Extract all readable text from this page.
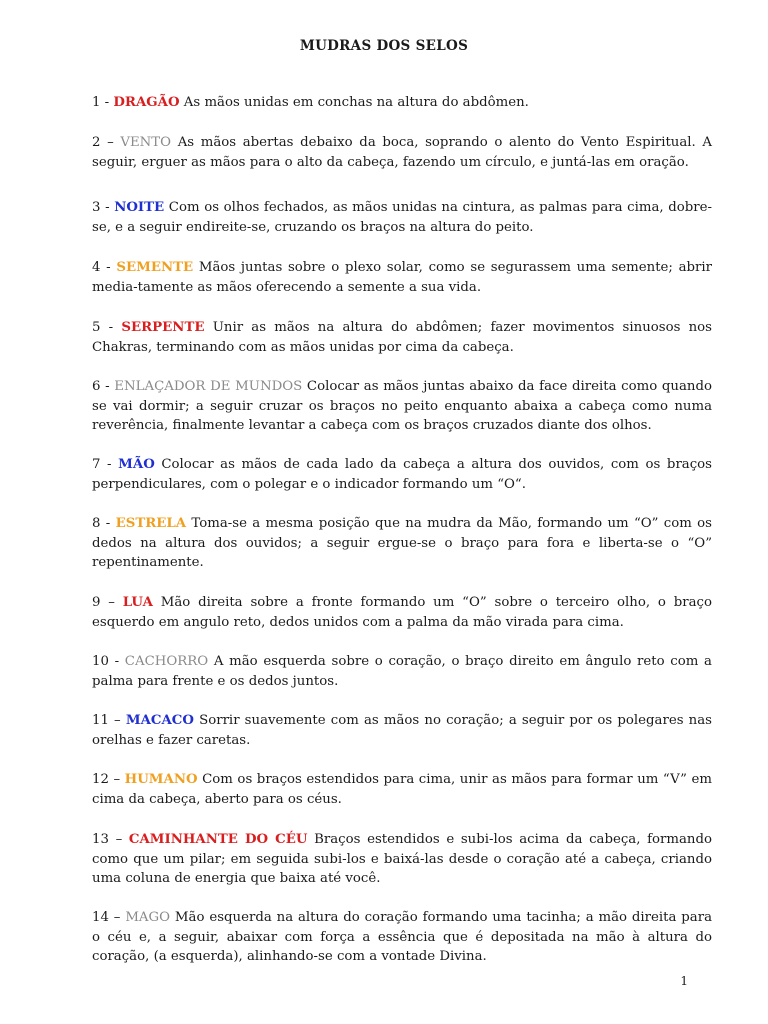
MUDRAS DOS SELOS

1 - DRAGÃO As mãos unidas em conchas na altura do abdômen.

2 – VENTO As mãos abertas debaixo da boca, soprando o alento do Vento Espiritual. A seguir, erguer as mãos para o alto da cabeça, fazendo um círculo, e juntá-las em oração.

3 - NOITE Com os olhos fechados, as mãos unidas na cintura, as palmas para cima, dobre-se, e a seguir endireite-se, cruzando os braços na altura do peito.

4 - SEMENTE Mãos juntas sobre o plexo solar, como se segurassem uma semente; abrir media-tamente as mãos oferecendo a semente a sua vida.

5 - SERPENTE Unir as mãos na altura do abdômen; fazer movimentos sinuosos nos Chakras, terminando com as mãos unidas por cima da cabeça.

6 - ENLAÇADOR DE MUNDOS Colocar as mãos juntas abaixo da face direita como quando se vai dormir; a seguir cruzar os braços no peito enquanto abaixa a cabeça como numa reverência, finalmente levantar a cabeça com os braços cruzados diante dos olhos.

7 - MÃO Colocar as mãos de cada lado da cabeça a altura dos ouvidos, com os braços perpendiculares, com o polegar e o indicador formando um “O“.

8 - ESTRELA Toma-se a mesma posição que na mudra da Mão, formando um “O” com os dedos na altura dos ouvidos; a seguir ergue-se o braço para fora e liberta-se o “O” repentinamente.

9 – LUA Mão direita sobre a fronte formando um “O” sobre o terceiro olho, o braço esquerdo em angulo reto, dedos unidos com a palma da mão virada para cima.

10 - CACHORRO A mão esquerda sobre o coração, o braço direito em ângulo reto com a palma para frente e os dedos juntos.

11 – MACACO Sorrir suavemente com as mãos no coração; a seguir por os polegares nas orelhas e fazer caretas.

12 – HUMANO Com os braços estendidos para cima, unir as mãos para formar um “V” em cima da cabeça, aberto para os céus.

13 – CAMINHANTE DO CÉU Braços estendidos e subi-los acima da cabeça, formando como que um pilar; em seguida subi-los e baixá-las desde o coração até a cabeça, criando uma coluna de energia que baixa até você.

14 – MAGO Mão esquerda na altura do coração formando uma tacinha; a mão direita para o céu e, a seguir, abaixar com força a essência que é depositada na mão à altura do coração, (a esquerda), alinhando-se com a vontade Divina.

1
